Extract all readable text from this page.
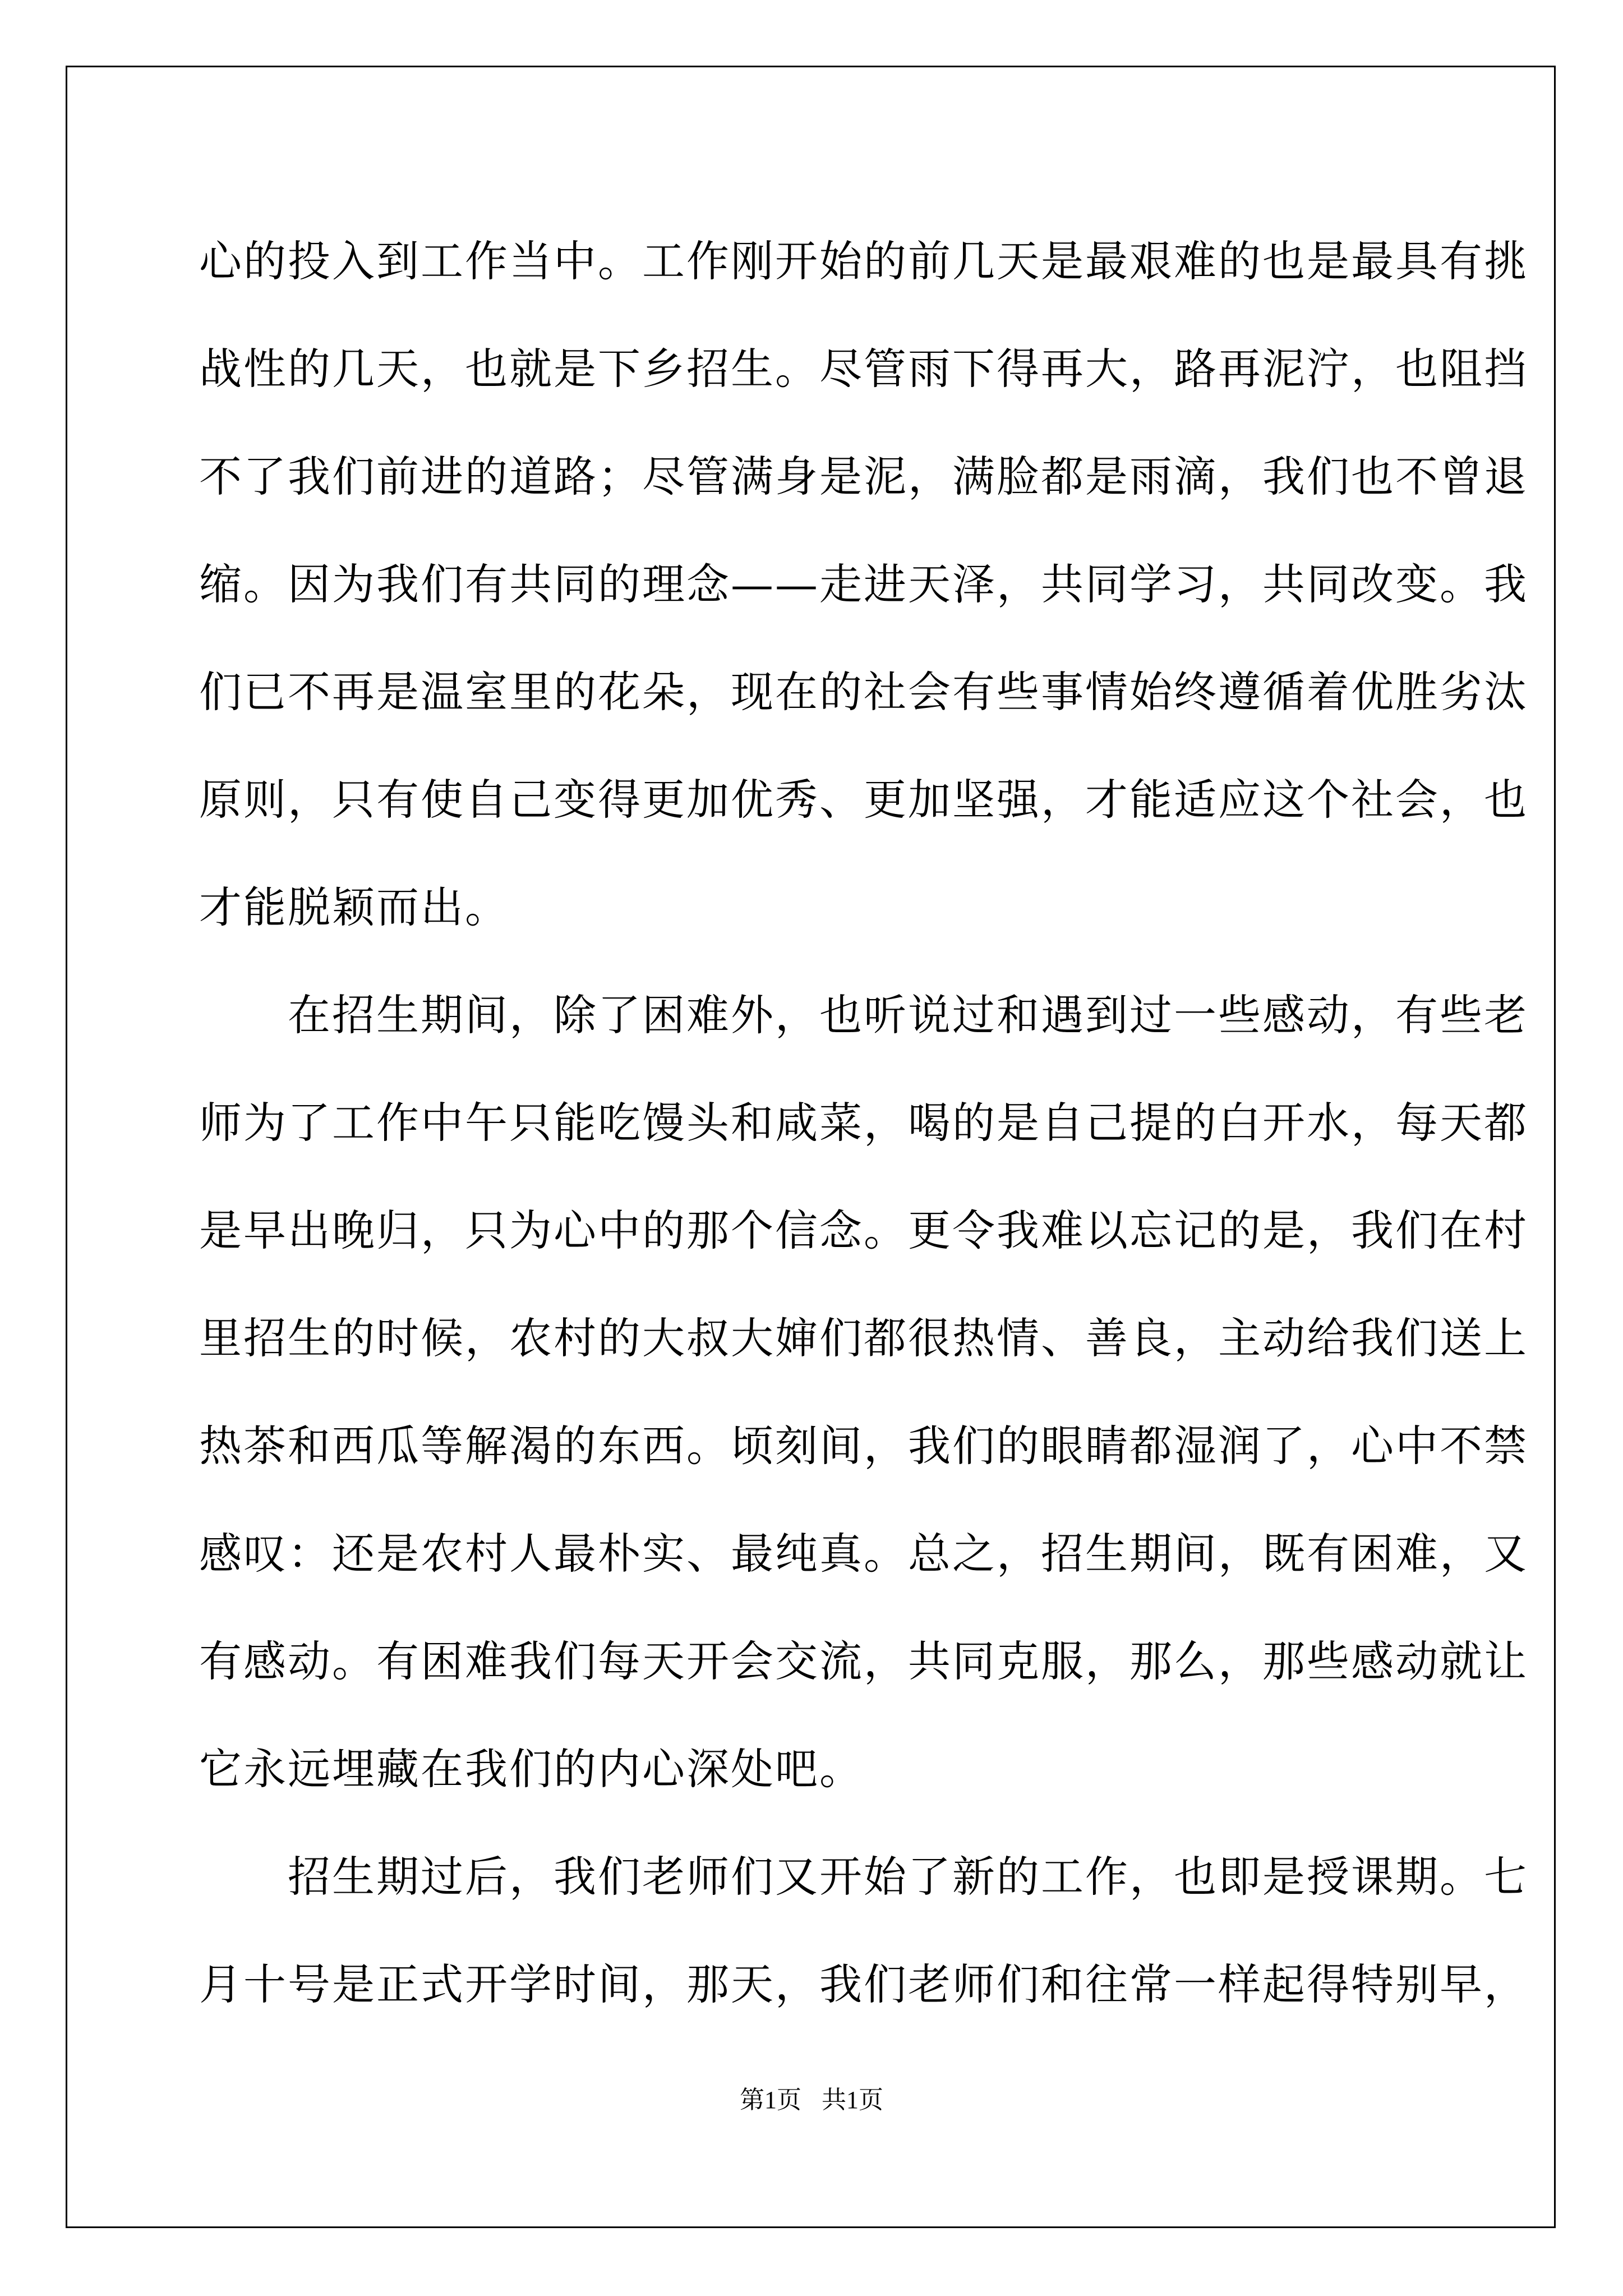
心的投入到工作当中。工作刚开始的前几天是最艰难的也是最具有挑
战性的几天，也就是下乡招生。尽管雨下得再大，路再泥泞，也阻挡
不了我们前进的道路；尽管满身是泥，满脸都是雨滴，我们也不曾退
缩。因为我们有共同的理念——走进天泽，共同学习，共同改变。我
们已不再是温室里的花朵，现在的社会有些事情始终遵循着优胜劣汰
原则，只有使自己变得更加优秀、更加坚强，才能适应这个社会，也
才能脱颖而出。
　　在招生期间，除了困难外，也听说过和遇到过一些感动，有些老
师为了工作中午只能吃馒头和咸菜，喝的是自己提的白开水，每天都
是早出晚归，只为心中的那个信念。更令我难以忘记的是，我们在村
里招生的时候，农村的大叔大婶们都很热情、善良，主动给我们送上
热茶和西瓜等解渴的东西。顷刻间，我们的眼睛都湿润了，心中不禁
感叹：还是农村人最朴实、最纯真。总之，招生期间，既有困难，又
有感动。有困难我们每天开会交流，共同克服，那么，那些感动就让
它永远埋藏在我们的内心深处吧。
　　招生期过后，我们老师们又开始了新的工作，也即是授课期。七
月十号是正式开学时间，那天，我们老师们和往常一样起得特别早，
第1页 共1页
